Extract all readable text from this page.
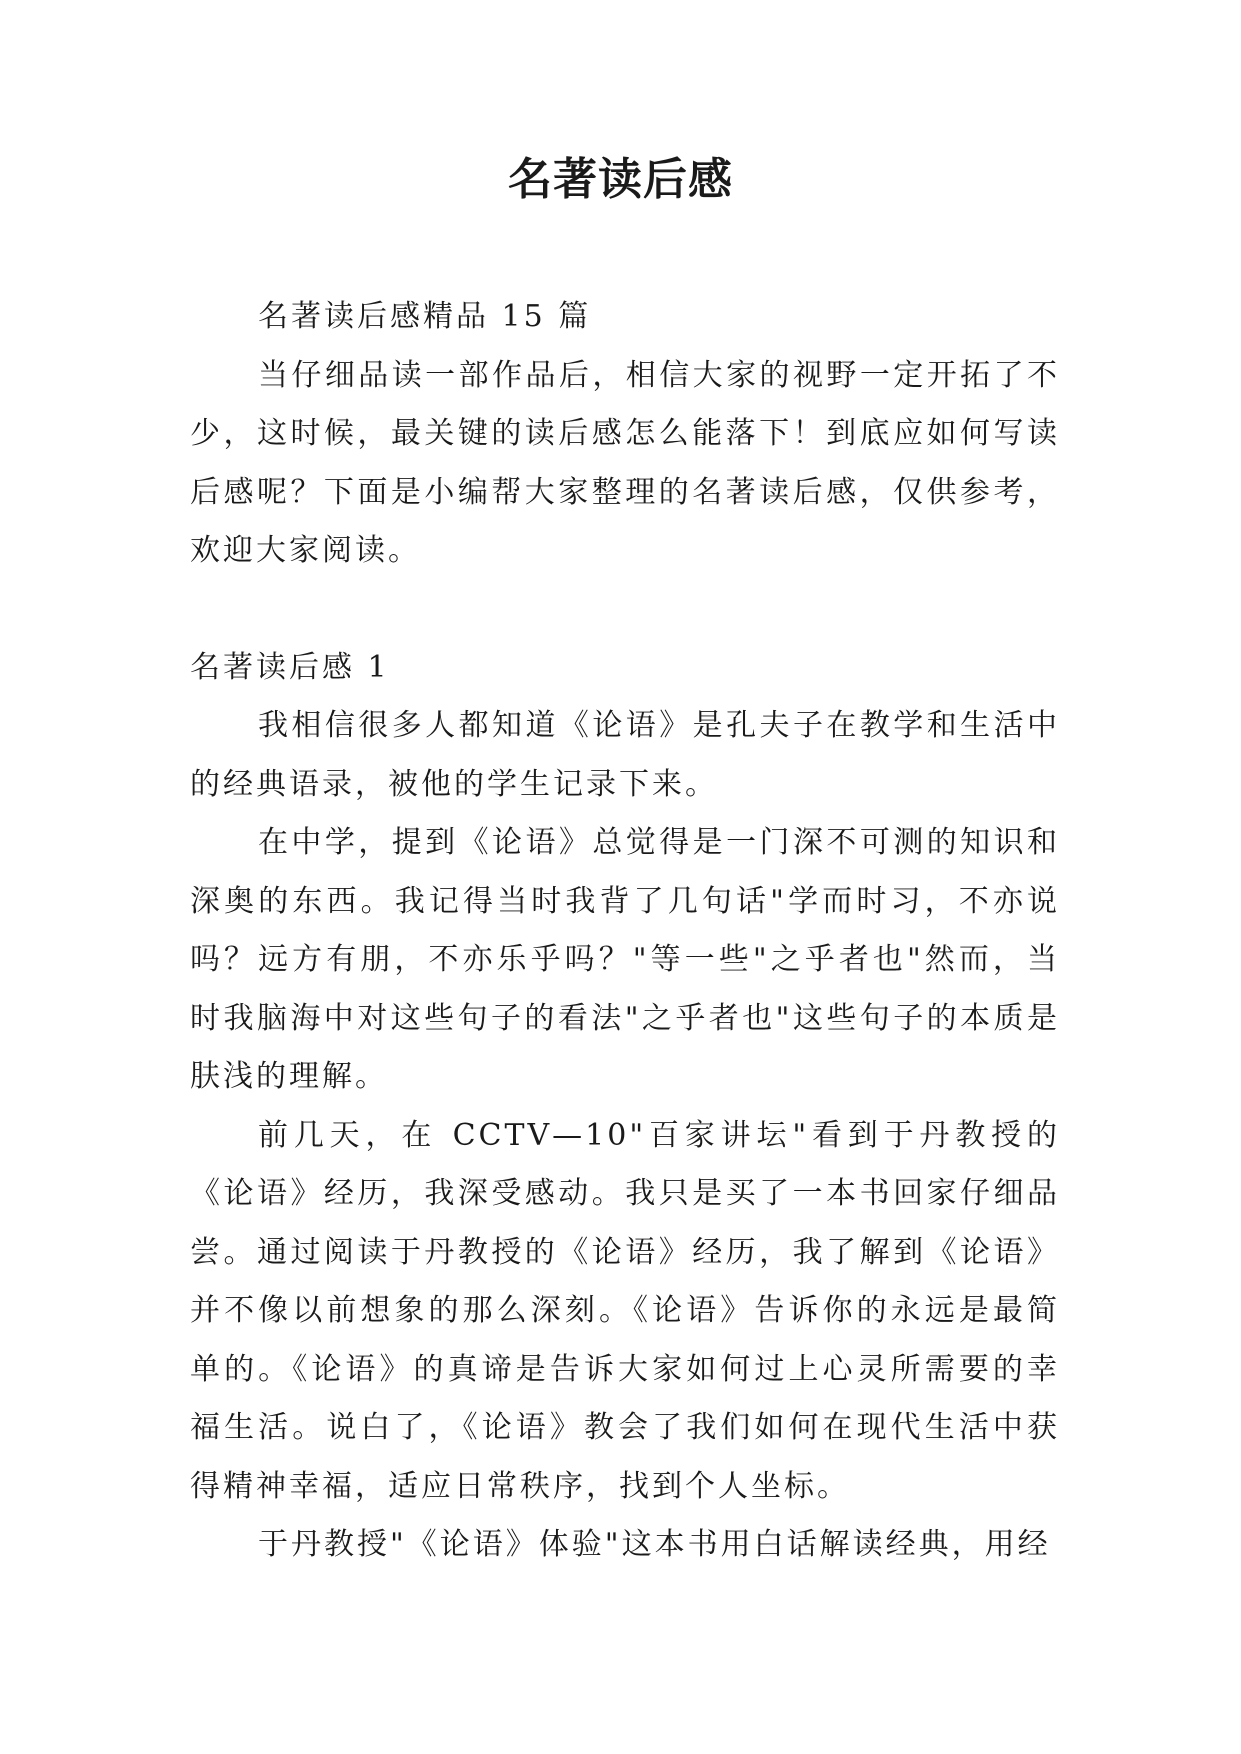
名著读后感

名著读后感精品 15 篇

当仔细品读一部作品后，相信大家的视野一定开拓了不少，这时候，最关键的读后感怎么能落下！到底应如何写读后感呢？下面是小编帮大家整理的名著读后感，仅供参考，欢迎大家阅读。

名著读后感 1

我相信很多人都知道《论语》是孔夫子在教学和生活中的经典语录，被他的学生记录下来。

在中学，提到《论语》总觉得是一门深不可测的知识和深奥的东西。我记得当时我背了几句话"学而时习，不亦说吗？远方有朋，不亦乐乎吗？"等一些"之乎者也"然而，当时我脑海中对这些句子的看法"之乎者也"这些句子的本质是肤浅的理解。

前几天，在 CCTV—10"百家讲坛"看到于丹教授的《论语》经历，我深受感动。我只是买了一本书回家仔细品尝。通过阅读于丹教授的《论语》经历，我了解到《论语》并不像以前想象的那么深刻。《论语》告诉你的永远是最简单的。《论语》的真谛是告诉大家如何过上心灵所需要的幸福生活。说白了，《论语》教会了我们如何在现代生活中获得精神幸福，适应日常秩序，找到个人坐标。

于丹教授"《论语》体验"这本书用白话解读经典，用经
